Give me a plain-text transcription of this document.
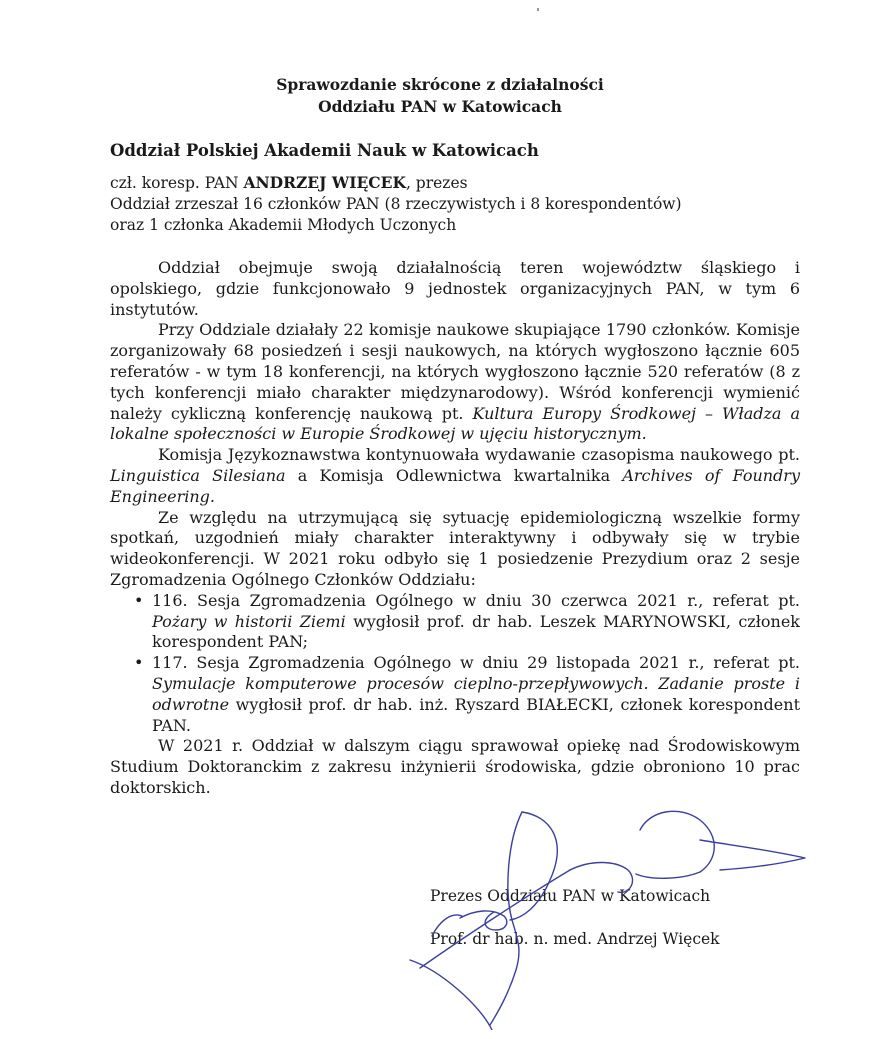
Sprawozdanie skrócone z działalności
Oddziału PAN w Katowicach
Oddział Polskiej Akademii Nauk w Katowicach
czł. koresp. PAN ANDRZEJ WIĘCEK, prezes
Oddział zrzeszał 16 członków PAN (8 rzeczywistych i 8 korespondentów)
oraz 1 członka Akademii Młodych Uczonych

Oddział obejmuje swoją działalnością teren województw śląskiego i opolskiego, gdzie funkcjonowało 9 jednostek organizacyjnych PAN, w tym 6 instytutów.

Przy Oddziale działały 22 komisje naukowe skupiające 1790 członków. Komisje zorganizowały 68 posiedzeń i sesji naukowych, na których wygłoszono łącznie 605 referatów - w tym 18 konferencji, na których wygłoszono łącznie 520 referatów (8 z tych konferencji miało charakter międzynarodowy). Wśród konferencji wymienić należy cykliczną konferencję naukową pt. Kultura Europy Środkowej – Władza a lokalne społeczności w Europie Środkowej w ujęciu historycznym.

Komisja Językoznawstwa kontynuowała wydawanie czasopisma naukowego pt. Linguistica Silesiana a Komisja Odlewnictwa kwartalnika Archives of Foundry Engineering.

Ze względu na utrzymującą się sytuację epidemiologiczną wszelkie formy spotkań, uzgodnień miały charakter interaktywny i odbywały się w trybie wideokonferencji. W 2021 roku odbyło się 1 posiedzenie Prezydium oraz 2 sesje Zgromadzenia Ogólnego Członków Oddziału:

• 116. Sesja Zgromadzenia Ogólnego w dniu 30 czerwca 2021 r., referat pt. Pożary w historii Ziemi wygłosił prof. dr hab. Leszek MARYNOWSKI, członek korespondent PAN;
• 117. Sesja Zgromadzenia Ogólnego w dniu 29 listopada 2021 r., referat pt. Symulacje komputerowe procesów cieplno-przepływowych. Zadanie proste i odwrotne wygłosił prof. dr hab. inż. Ryszard BIAŁECKI, członek korespondent PAN.

W 2021 r. Oddział w dalszym ciągu sprawował opiekę nad Środowiskowym Studium Doktoranckim z zakresu inżynierii środowiska, gdzie obroniono 10 prac doktorskich.

Prezes Oddziału PAN w Katowicach
Prof. dr hab. n. med. Andrzej Więcek
